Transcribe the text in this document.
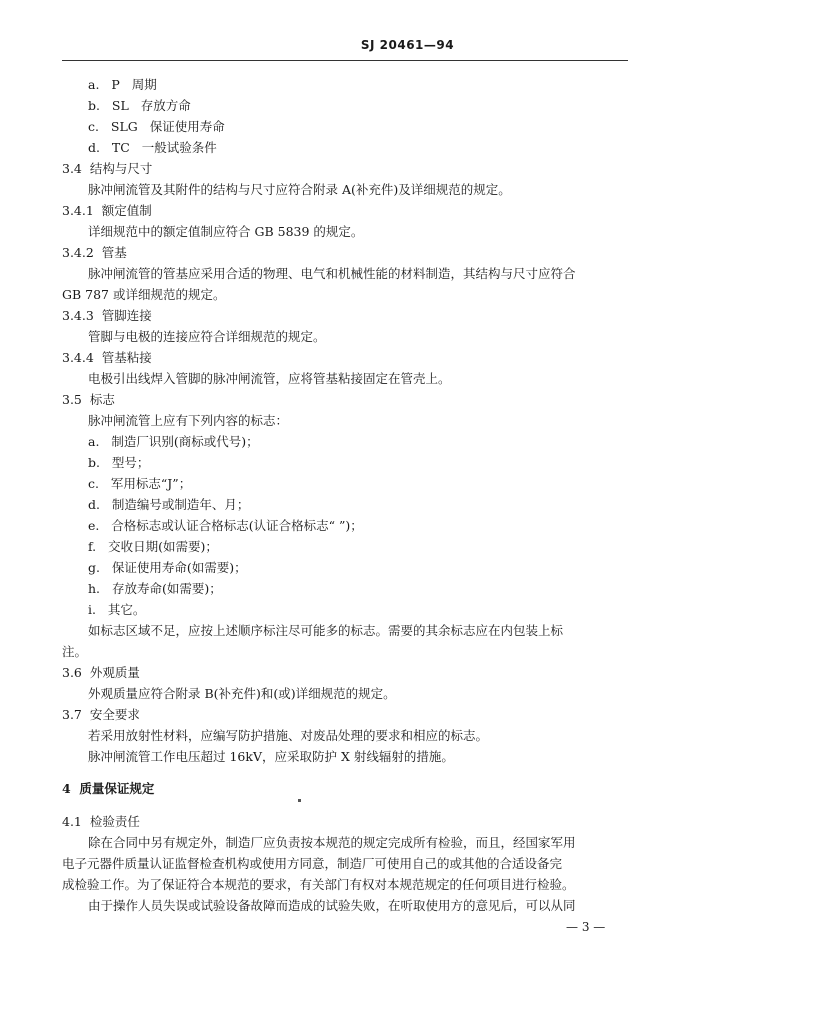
SJ 20461—94
a. P 周期
b. SL 存放方命
c. SLG 保证使用寿命
d. TC 一般试验条件
3.4 结构与尺寸
脉冲闸流管及其附件的结构与尺寸应符合附录 A(补充件)及详细规范的规定。
3.4.1 额定值制
详细规范中的额定值制应符合 GB 5839 的规定。
3.4.2 管基
脉冲闸流管的管基应采用合适的物理、电气和机械性能的材料制造，其结构与尺寸应符合
GB 787 或详细规范的规定。
3.4.3 管脚连接
管脚与电极的连接应符合详细规范的规定。
3.4.4 管基粘接
电极引出线焊入管脚的脉冲闸流管，应将管基粘接固定在管壳上。
3.5 标志
脉冲闸流管上应有下列内容的标志：
a. 制造厂识别(商标或代号)；
b. 型号；
c. 军用标志“J”；
d. 制造编号或制造年、月；
e. 合格标志或认证合格标志(认证合格标志“ ”)；
f. 交收日期(如需要)；
g. 保证使用寿命(如需要)；
h. 存放寿命(如需要)；
i. 其它。
如标志区域不足，应按上述顺序标注尽可能多的标志。需要的其余标志应在内包装上标
注。
3.6 外观质量
外观质量应符合附录 B(补充件)和(或)详细规范的规定。
3.7 安全要求
若采用放射性材料，应编写防护措施、对废品处理的要求和相应的标志。
脉冲闸流管工作电压超过 16kV，应采取防护 X 射线辐射的措施。
4 质量保证规定
4.1 检验责任
除在合同中另有规定外，制造厂应负责按本规范的规定完成所有检验，而且，经国家军用
电子元器件质量认证监督检查机构或使用方同意，制造厂可使用自己的或其他的合适设备完
成检验工作。为了保证符合本规范的要求，有关部门有权对本规范规定的任何项目进行检验。
由于操作人员失误或试验设备故障而造成的试验失败，在听取使用方的意见后，可以从同
— 3 —
